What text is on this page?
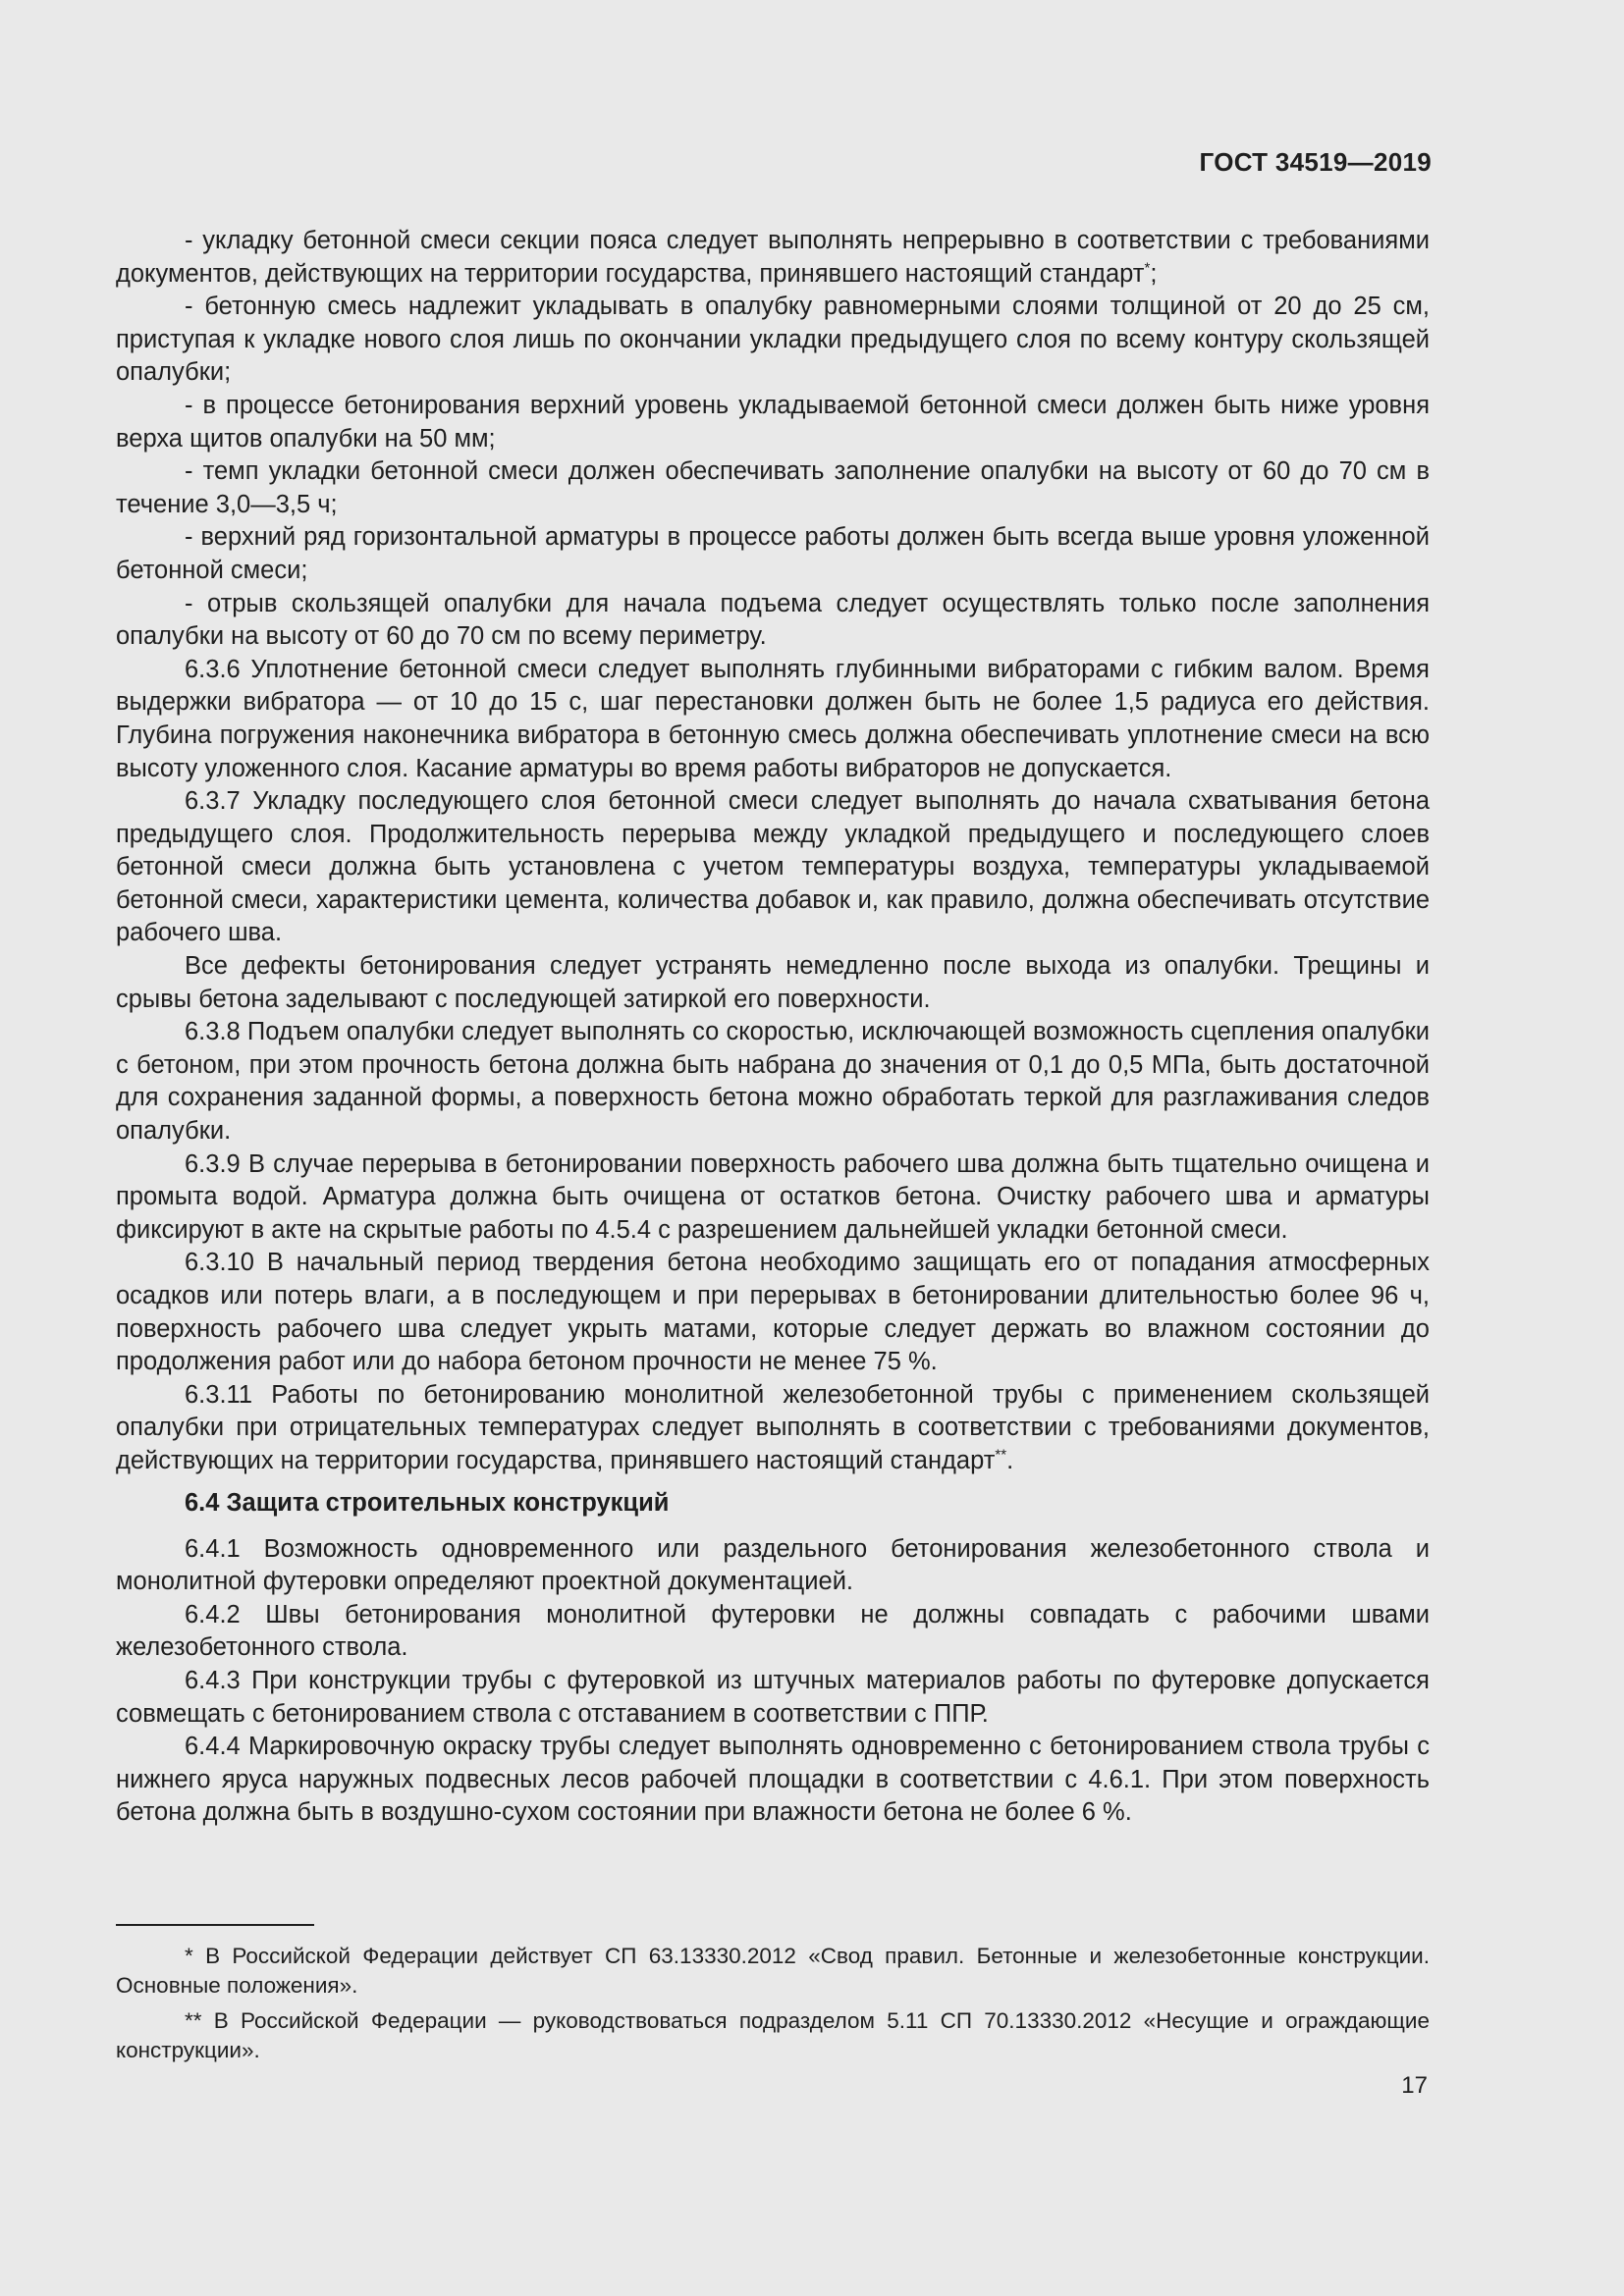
ГОСТ 34519—2019

- укладку бетонной смеси секции пояса следует выполнять непрерывно в соответствии с требованиями документов, действующих на территории государства, принявшего настоящий стандарт*;

- бетонную смесь надлежит укладывать в опалубку равномерными слоями толщиной от 20 до 25 см, приступая к укладке нового слоя лишь по окончании укладки предыдущего слоя по всему контуру скользящей опалубки;

- в процессе бетонирования верхний уровень укладываемой бетонной смеси должен быть ниже уровня верха щитов опалубки на 50 мм;

- темп укладки бетонной смеси должен обеспечивать заполнение опалубки на высоту от 60 до 70 см в течение 3,0—3,5 ч;

- верхний ряд горизонтальной арматуры в процессе работы должен быть всегда выше уровня уложенной бетонной смеси;

- отрыв скользящей опалубки для начала подъема следует осуществлять только после заполнения опалубки на высоту от 60 до 70 см по всему периметру.

6.3.6 Уплотнение бетонной смеси следует выполнять глубинными вибраторами с гибким валом. Время выдержки вибратора — от 10 до 15 с, шаг перестановки должен быть не более 1,5 радиуса его действия. Глубина погружения наконечника вибратора в бетонную смесь должна обеспечивать уплотнение смеси на всю высоту уложенного слоя. Касание арматуры во время работы вибраторов не допускается.

6.3.7 Укладку последующего слоя бетонной смеси следует выполнять до начала схватывания бетона предыдущего слоя. Продолжительность перерыва между укладкой предыдущего и последующего слоев бетонной смеси должна быть установлена с учетом температуры воздуха, температуры укладываемой бетонной смеси, характеристики цемента, количества добавок и, как правило, должна обеспечивать отсутствие рабочего шва.

Все дефекты бетонирования следует устранять немедленно после выхода из опалубки. Трещины и срывы бетона заделывают с последующей затиркой его поверхности.

6.3.8 Подъем опалубки следует выполнять со скоростью, исключающей возможность сцепления опалубки с бетоном, при этом прочность бетона должна быть набрана до значения от 0,1 до 0,5 МПа, быть достаточной для сохранения заданной формы, а поверхность бетона можно обработать теркой для разглаживания следов опалубки.

6.3.9 В случае перерыва в бетонировании поверхность рабочего шва должна быть тщательно очищена и промыта водой. Арматура должна быть очищена от остатков бетона. Очистку рабочего шва и арматуры фиксируют в акте на скрытые работы по 4.5.4 с разрешением дальнейшей укладки бетонной смеси.

6.3.10 В начальный период твердения бетона необходимо защищать его от попадания атмосферных осадков или потерь влаги, а в последующем и при перерывах в бетонировании длительностью более 96 ч, поверхность рабочего шва следует укрыть матами, которые следует держать во влажном состоянии до продолжения работ или до набора бетоном прочности не менее 75 %.

6.3.11 Работы по бетонированию монолитной железобетонной трубы с применением скользящей опалубки при отрицательных температурах следует выполнять в соответствии с требованиями документов, действующих на территории государства, принявшего настоящий стандарт**.

6.4 Защита строительных конструкций

6.4.1 Возможность одновременного или раздельного бетонирования железобетонного ствола и монолитной футеровки определяют проектной документацией.

6.4.2 Швы бетонирования монолитной футеровки не должны совпадать с рабочими швами железобетонного ствола.

6.4.3 При конструкции трубы с футеровкой из штучных материалов работы по футеровке допускается совмещать с бетонированием ствола с отставанием в соответствии с ППР.

6.4.4 Маркировочную окраску трубы следует выполнять одновременно с бетонированием ствола трубы с нижнего яруса наружных подвесных лесов рабочей площадки в соответствии с 4.6.1. При этом поверхность бетона должна быть в воздушно-сухом состоянии при влажности бетона не более 6 %.

* В Российской Федерации действует СП 63.13330.2012 «Свод правил. Бетонные и железобетонные конструкции. Основные положения».

** В Российской Федерации — руководствоваться подразделом 5.11 СП 70.13330.2012 «Несущие и ограждающие конструкции».

17
